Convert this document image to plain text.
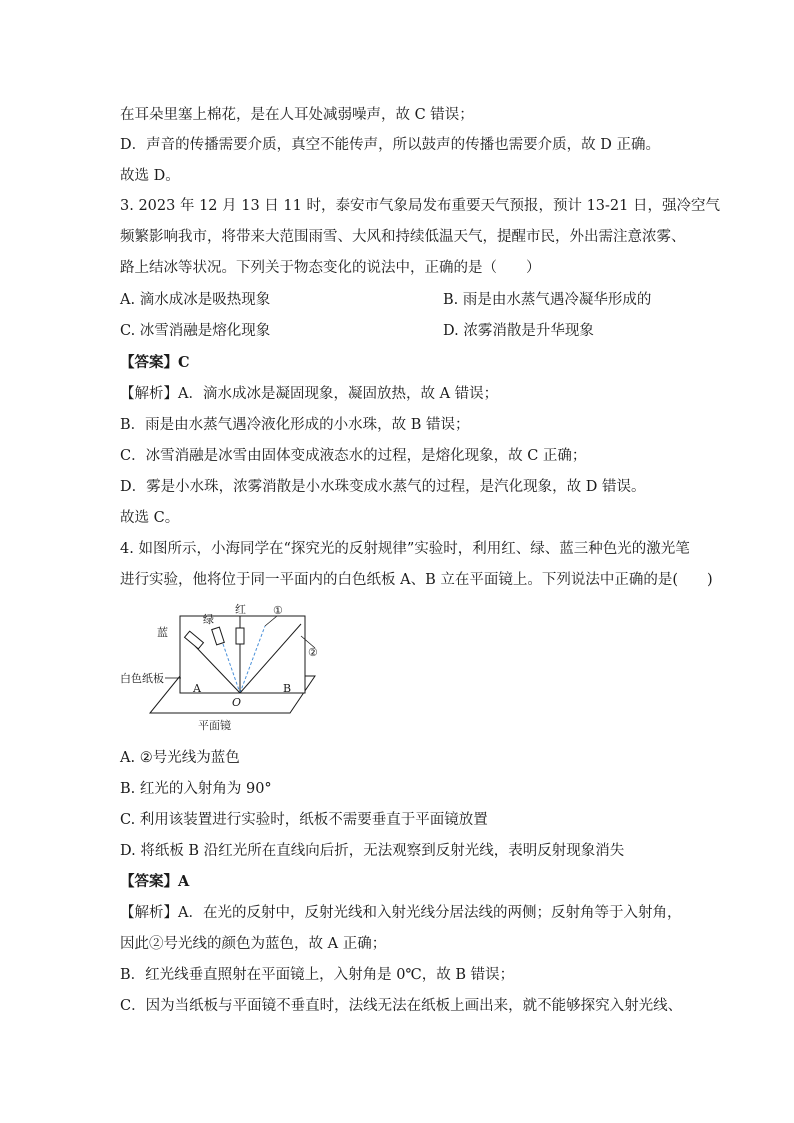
在耳朵里塞上棉花，是在人耳处减弱噪声，故 C 错误；
D．声音的传播需要介质，真空不能传声，所以鼓声的传播也需要介质，故 D 正确。
故选 D。
3. 2023 年 12 月 13 日 11 时，泰安市气象局发布重要天气预报，预计 13-21 日，强冷空气
频繁影响我市，将带来大范围雨雪、大风和持续低温天气，提醒市民，外出需注意浓雾、
路上结冰等状况。下列关于物态变化的说法中，正确的是（　　）
A. 滴水成冰是吸热现象	B. 雨是由水蒸气遇冷凝华形成的
C. 冰雪消融是熔化现象	D. 浓雾消散是升华现象
【答案】C
【解析】A．滴水成冰是凝固现象，凝固放热，故 A 错误；
B．雨是由水蒸气遇冷液化形成的小水珠，故 B 错误；
C．冰雪消融是冰雪由固体变成液态水的过程，是熔化现象，故 C 正确；
D．雾是小水珠，浓雾消散是小水珠变成水蒸气的过程，是汽化现象，故 D 错误。
故选 C。
4. 如图所示，小海同学在“探究光的反射规律”实验时，利用红、绿、蓝三种色光的激光笔
进行实验，他将位于同一平面内的白色纸板 A、B 立在平面镜上。下列说法中正确的是(　　)
绿
红
蓝
①
②
白色纸板
A	B
O
平面镜
A. ②号光线为蓝色
B. 红光的入射角为 90°
C. 利用该装置进行实验时，纸板不需要垂直于平面镜放置
D. 将纸板 B 沿红光所在直线向后折，无法观察到反射光线，表明反射现象消失
【答案】A
【解析】A．在光的反射中，反射光线和入射光线分居法线的两侧；反射角等于入射角，
因此②号光线的颜色为蓝色，故 A 正确；
B．红光线垂直照射在平面镜上，入射角是 0℃，故 B 错误；
C．因为当纸板与平面镜不垂直时，法线无法在纸板上画出来，就不能够探究入射光线、
